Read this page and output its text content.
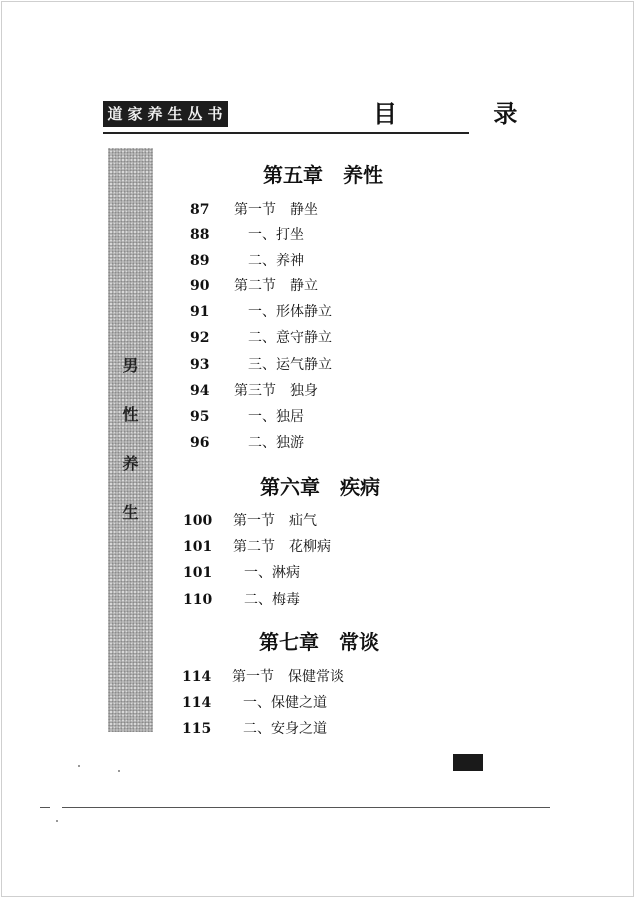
道家养生丛书	目 录
男
性
养
生
第五章　养性
87 第一节　静坐
88	一、打坐
89	二、养神
90 第二节　静立
91	一、形体静立
92	二、意守静立
93	三、运气静立
94 第三节　独身
95	一、独居
96	二、独游
第六章　疾病
100 第一节　疝气
101 第二节　花柳病
101 一、淋病
110 二、梅毒
第七章　常谈
114 第一节　保健常谈
114 一、保健之道
115 二、安身之道
